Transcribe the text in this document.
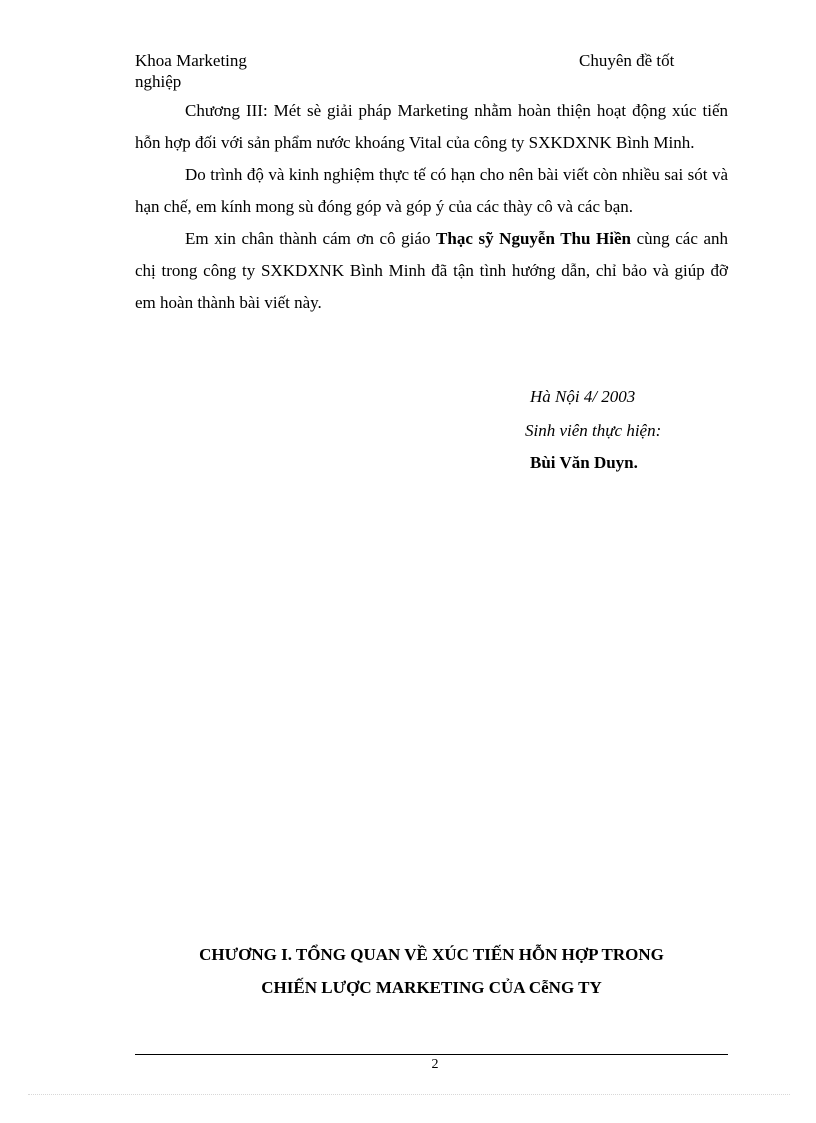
Khoa Marketing
nghiệp
Chuyên đề tốt

Chương III: Mét sè giải pháp Marketing nhằm hoàn thiện hoạt động xúc tiến hỗn hợp đối với sản phẩm nước khoáng Vital của công ty SXKDXNK Bình Minh.

Do trình độ và kinh nghiệm thực tế có hạn cho nên bài viết còn nhiều sai sót và hạn chế, em kính mong sù đóng góp và góp ý của các thày cô và các bạn.

Em xin chân thành cám ơn cô giáo Thạc sỹ Nguyễn Thu Hiền cùng các anh chị trong công ty SXKDXNK Bình Minh đã tận tình hướng dẫn, chỉ bảo và giúp đỡ em hoàn thành bài viết này.

Hà Nội 4/ 2003
Sinh viên thực hiện:
Bùi Văn Duyn.
CHƯƠNG I. TỔNG QUAN VỀ XÚC TIẾN HỖN HỢP TRONG
CHIẾN LƯỢC MARKETING CỦA CễNG TY
2
